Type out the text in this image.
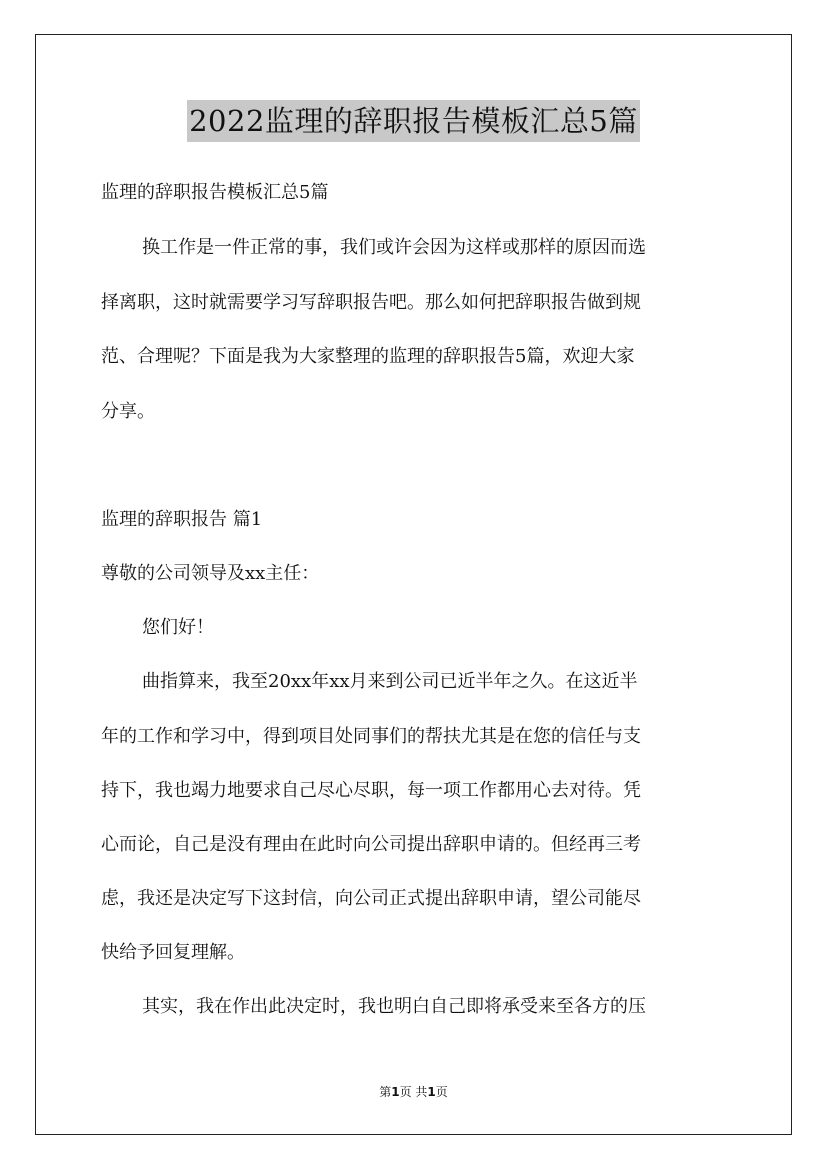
2022监理的辞职报告模板汇总5篇
监理的辞职报告模板汇总5篇
换工作是一件正常的事，我们或许会因为这样或那样的原因而选
择离职，这时就需要学习写辞职报告吧。那么如何把辞职报告做到规
范、合理呢？下面是我为大家整理的监理的辞职报告5篇，欢迎大家
分享。
监理的辞职报告 篇1
尊敬的公司领导及xx主任：
您们好！
曲指算来，我至20xx年xx月来到公司已近半年之久。在这近半
年的工作和学习中，得到项目处同事们的帮扶尤其是在您的信任与支
持下，我也竭力地要求自己尽心尽职，每一项工作都用心去对待。凭
心而论，自己是没有理由在此时向公司提出辞职申请的。但经再三考
虑，我还是决定写下这封信，向公司正式提出辞职申请，望公司能尽
快给予回复理解。
其实，我在作出此决定时，我也明白自己即将承受来至各方的压
第1页 共1页
